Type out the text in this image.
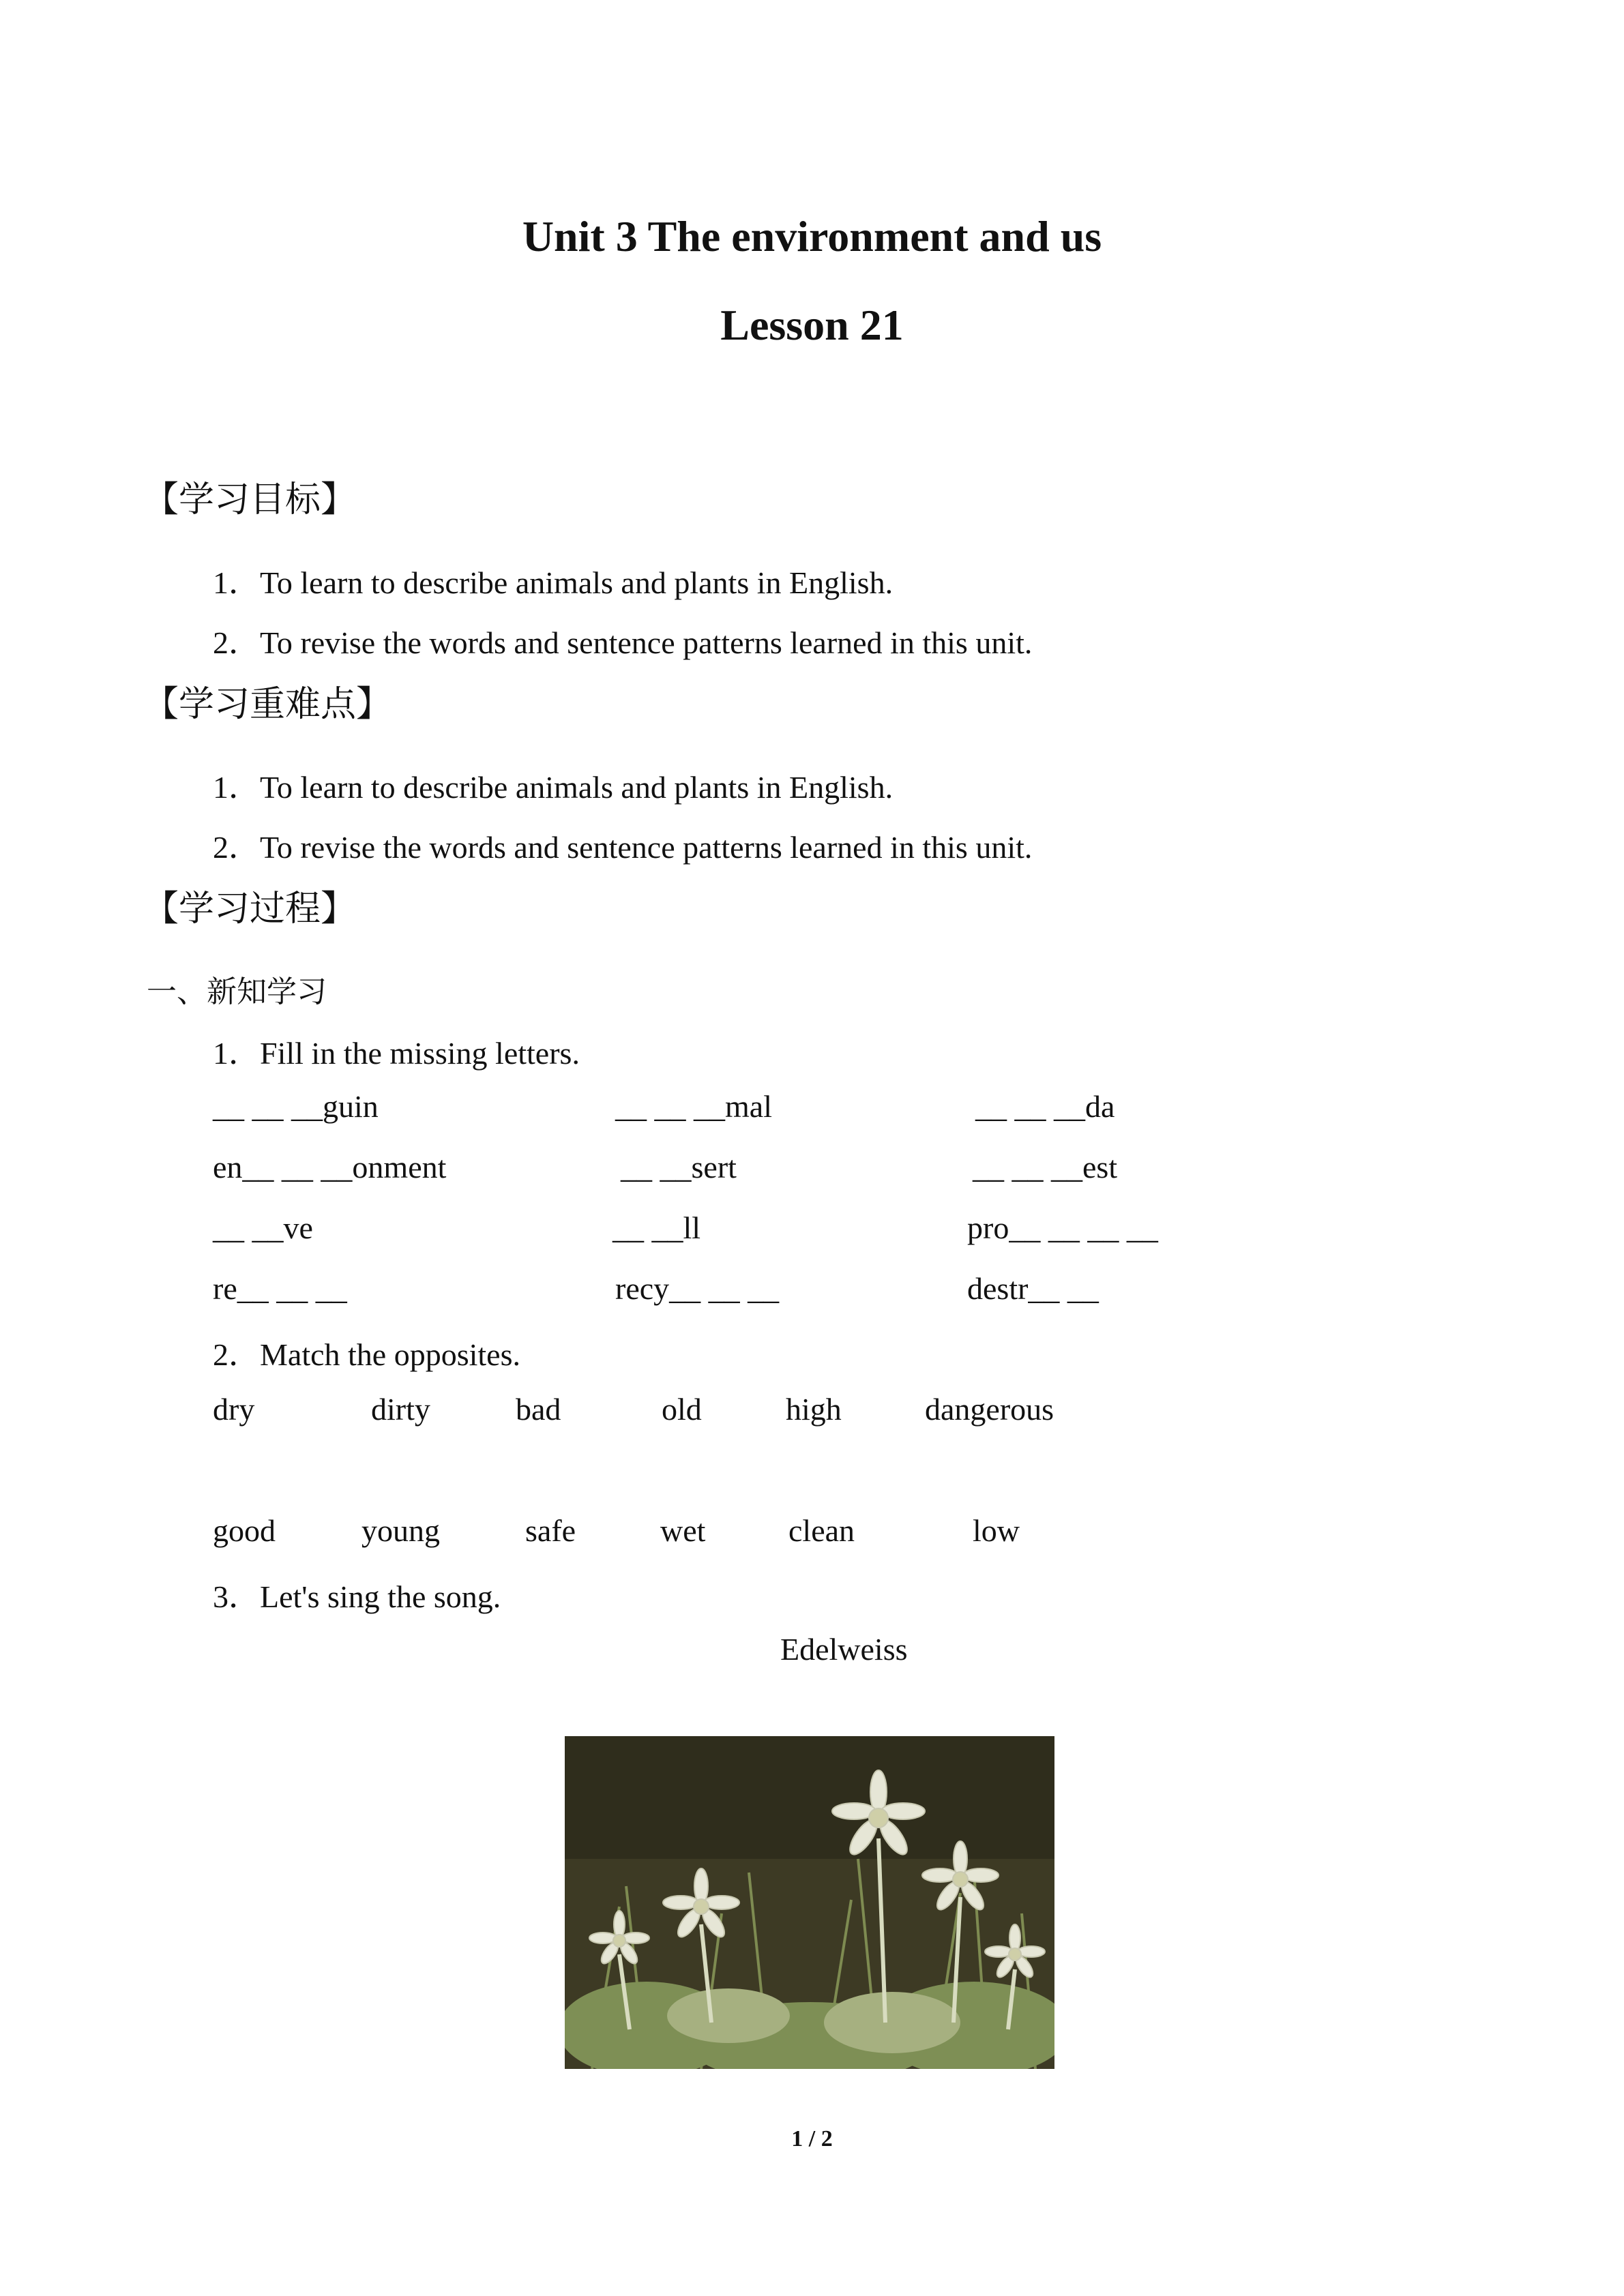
Unit 3 The environment and us
Lesson 21
【学习目标】
1．To learn to describe animals and plants in English.
2．To revise the words and sentence patterns learned in this unit.
【学习重难点】
1．To learn to describe animals and plants in English.
2．To revise the words and sentence patterns learned in this unit.
【学习过程】
一、新知学习
1．Fill in the missing letters.
__ __ __guin	__ __ __mal	__ __ __da
en__ __ __onment	__ __sert	__ __ __est
__ __ve	__ __ll	pro__ __ __ __
re__ __ __	recy__ __ __	destr__ __
2．Match the opposites.
dry	dirty	bad	old	high	dangerous
good	young	safe	wet	clean	low
3．Let's sing the song.
Edelweiss
1 / 2
